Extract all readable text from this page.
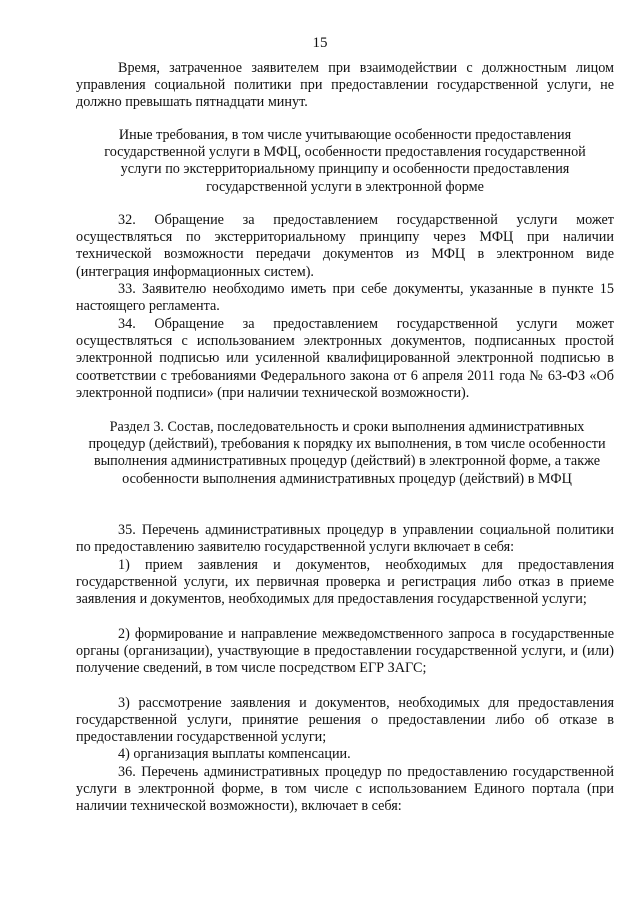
15
Время, затраченное заявителем при взаимодействии с должностным лицом управления социальной политики при предоставлении государственной услуги, не должно превышать пятнадцати минут.
Иные требования, в том числе учитывающие особенности предоставления государственной услуги в МФЦ, особенности предоставления государственной услуги по экстерриториальному принципу и особенности предоставления государственной услуги в электронной форме
32. Обращение за предоставлением государственной услуги может осуществляться по экстерриториальному принципу через МФЦ при наличии технической возможности передачи документов из МФЦ в электронном виде (интеграция информационных систем).
33. Заявителю необходимо иметь при себе документы, указанные в пункте 15 настоящего регламента.
34. Обращение за предоставлением государственной услуги может осуществляться с использованием электронных документов, подписанных простой электронной подписью или усиленной квалифицированной электронной подписью в соответствии с требованиями Федерального закона от 6 апреля 2011 года № 63-ФЗ «Об электронной подписи» (при наличии технической возможности).
Раздел 3. Состав, последовательность и сроки выполнения административных процедур (действий), требования к порядку их выполнения, в том числе особенности выполнения административных процедур (действий) в электронной форме, а также особенности выполнения административных процедур (действий) в МФЦ
35. Перечень административных процедур в управлении социальной политики по предоставлению заявителю государственной услуги включает в себя:
1) прием заявления и документов, необходимых для предоставления государственной услуги, их первичная проверка и регистрация либо отказ в приеме заявления и документов, необходимых для предоставления государственной услуги;
2) формирование и направление межведомственного запроса в государственные органы (организации), участвующие в предоставлении государственной услуги, и (или) получение сведений, в том числе посредством ЕГР ЗАГС;
3) рассмотрение заявления и документов, необходимых для предоставления государственной услуги, принятие решения о предоставлении либо об отказе в предоставлении государственной услуги;
4) организация выплаты компенсации.
36. Перечень административных процедур по предоставлению государственной услуги в электронной форме, в том числе с использованием Единого портала (при наличии технической возможности), включает в себя:
